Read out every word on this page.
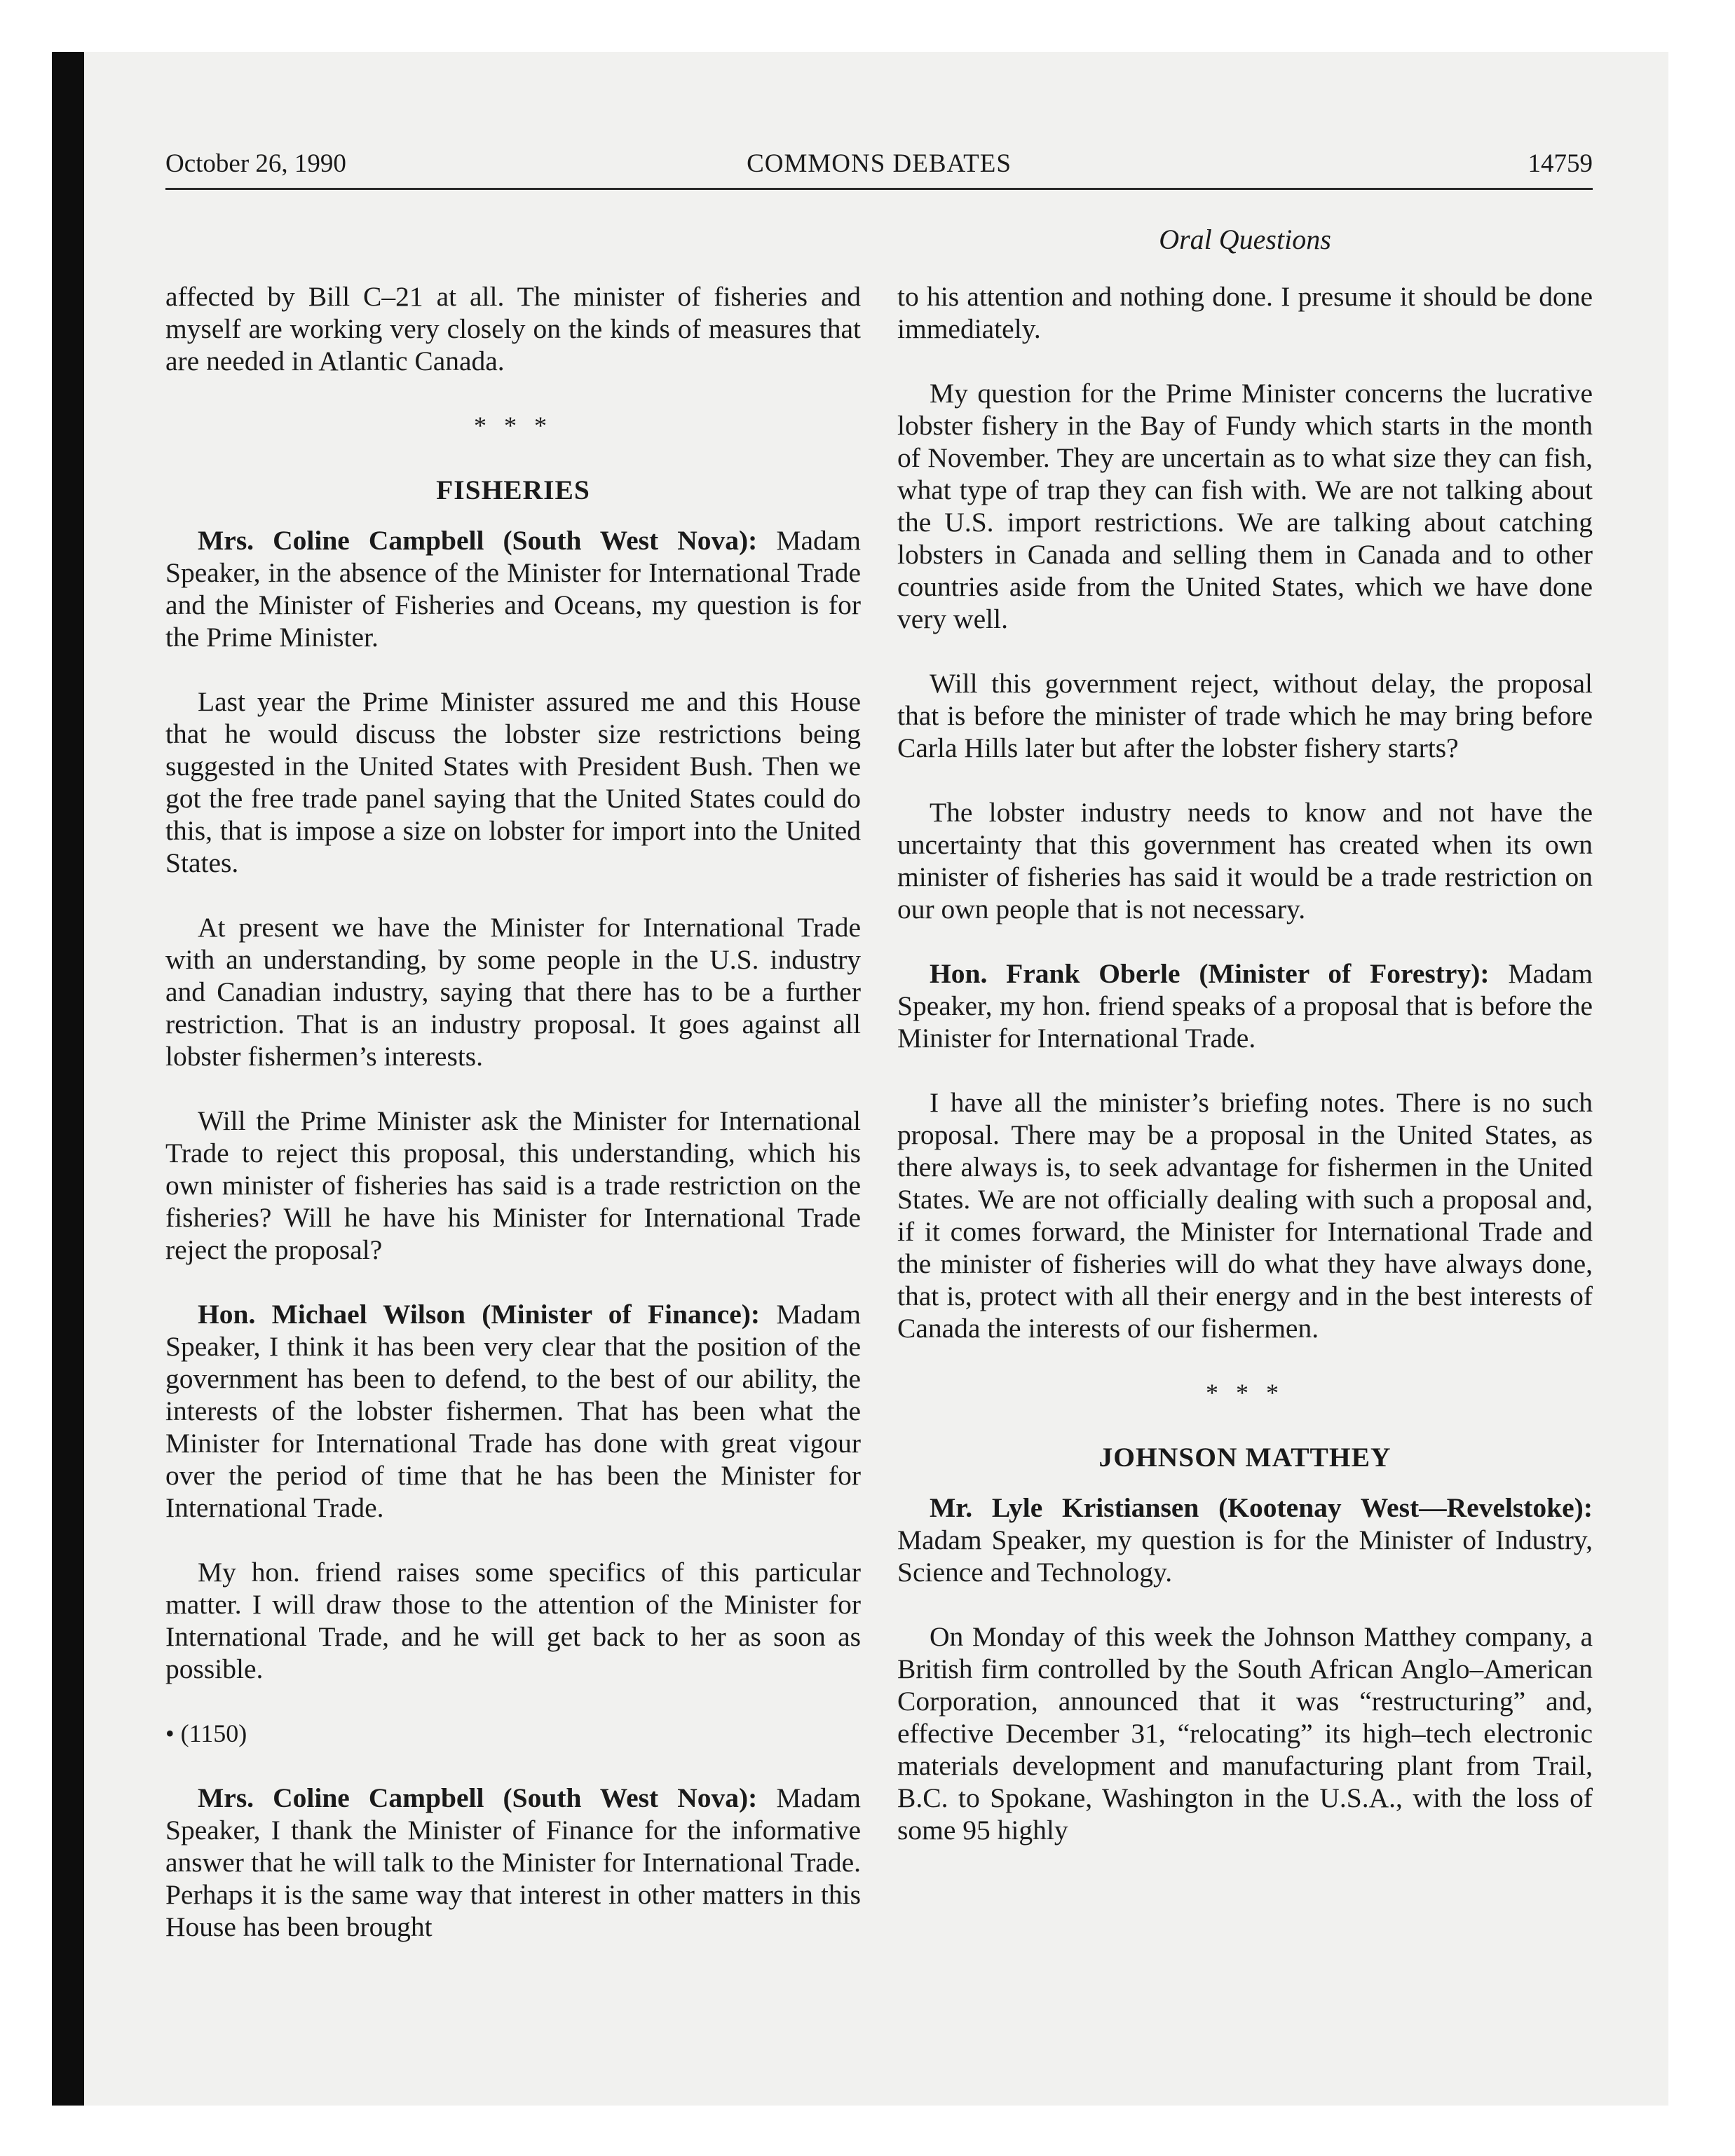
October 26, 1990	COMMONS DEBATES	14759
Oral Questions

affected by Bill C–21 at all. The minister of fisheries and myself are working very closely on the kinds of measures that are needed in Atlantic Canada.

* * *
FISHERIES

Mrs. Coline Campbell (South West Nova): Madam Speaker, in the absence of the Minister for International Trade and the Minister of Fisheries and Oceans, my question is for the Prime Minister.

Last year the Prime Minister assured me and this House that he would discuss the lobster size restrictions being suggested in the United States with President Bush. Then we got the free trade panel saying that the United States could do this, that is impose a size on lobster for import into the United States.

At present we have the Minister for International Trade with an understanding, by some people in the U.S. industry and Canadian industry, saying that there has to be a further restriction. That is an industry proposal. It goes against all lobster fishermen’s interests.

Will the Prime Minister ask the Minister for International Trade to reject this proposal, this understanding, which his own minister of fisheries has said is a trade restriction on the fisheries? Will he have his Minister for International Trade reject the proposal?

Hon. Michael Wilson (Minister of Finance): Madam Speaker, I think it has been very clear that the position of the government has been to defend, to the best of our ability, the interests of the lobster fishermen. That has been what the Minister for International Trade has done with great vigour over the period of time that he has been the Minister for International Trade.

My hon. friend raises some specifics of this particular matter. I will draw those to the attention of the Minister for International Trade, and he will get back to her as soon as possible.

• (1150)

Mrs. Coline Campbell (South West Nova): Madam Speaker, I thank the Minister of Finance for the informative answer that he will talk to the Minister for International Trade. Perhaps it is the same way that interest in other matters in this House has been brought

to his attention and nothing done. I presume it should be done immediately.

My question for the Prime Minister concerns the lucrative lobster fishery in the Bay of Fundy which starts in the month of November. They are uncertain as to what size they can fish, what type of trap they can fish with. We are not talking about the U.S. import restrictions. We are talking about catching lobsters in Canada and selling them in Canada and to other countries aside from the United States, which we have done very well.

Will this government reject, without delay, the proposal that is before the minister of trade which he may bring before Carla Hills later but after the lobster fishery starts?

The lobster industry needs to know and not have the uncertainty that this government has created when its own minister of fisheries has said it would be a trade restriction on our own people that is not necessary.

Hon. Frank Oberle (Minister of Forestry): Madam Speaker, my hon. friend speaks of a proposal that is before the Minister for International Trade.

I have all the minister’s briefing notes. There is no such proposal. There may be a proposal in the United States, as there always is, to seek advantage for fishermen in the United States. We are not officially dealing with such a proposal and, if it comes forward, the Minister for International Trade and the minister of fisheries will do what they have always done, that is, protect with all their energy and in the best interests of Canada the interests of our fishermen.

* * *
JOHNSON MATTHEY

Mr. Lyle Kristiansen (Kootenay West—Revelstoke): Madam Speaker, my question is for the Minister of Industry, Science and Technology.

On Monday of this week the Johnson Matthey company, a British firm controlled by the South African Anglo–American Corporation, announced that it was “restructuring” and, effective December 31, “relocating” its high–tech electronic materials development and manufacturing plant from Trail, B.C. to Spokane, Washington in the U.S.A., with the loss of some 95 highly
